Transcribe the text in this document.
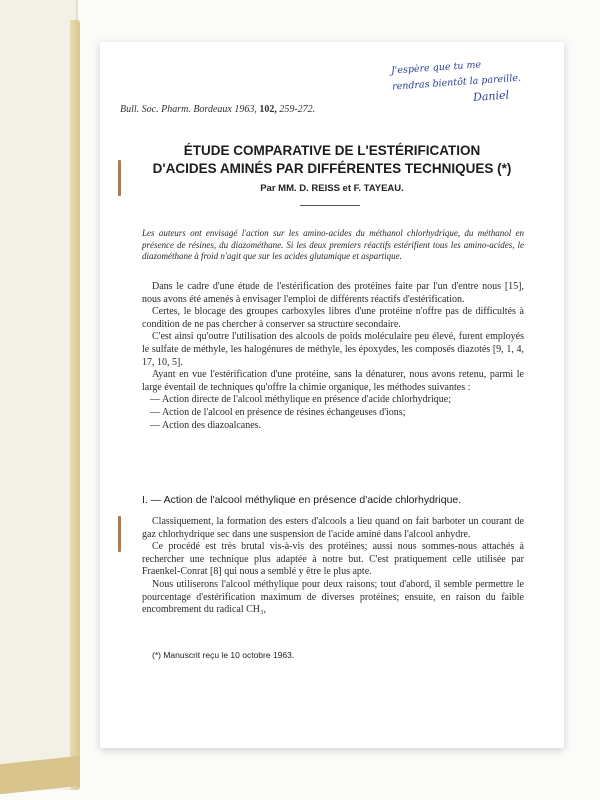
J'espère que tu me
rendras bientôt la pareille.
Daniel
Bull. Soc. Pharm. Bordeaux 1963, 102, 259-272.
ÉTUDE COMPARATIVE DE L'ESTÉRIFICATION
D'ACIDES AMINÉS PAR DIFFÉRENTES TECHNIQUES (*)
Par MM. D. REISS et F. TAYEAU.
Les auteurs ont envisagé l'action sur les amino-acides du méthanol chlorhydrique, du méthanol en présence de résines, du diazométhane. Si les deux premiers réactifs estérifient tous les amino-acides, le diazométhane à froid n'agit que sur les acides glutamique et aspartique.

Dans le cadre d'une étude de l'estérification des protéines faite par l'un d'entre nous [15], nous avons été amenés à envisager l'emploi de différents réactifs d'estérification.

Certes, le blocage des groupes carboxyles libres d'une protéine n'offre pas de difficultés à condition de ne pas chercher à conserver sa structure secondaire.

C'est ainsi qu'outre l'utilisation des alcools de poids moléculaire peu élevé, furent employés le sulfate de méthyle, les halogénures de méthyle, les époxydes, les composés diazotés [9, 1, 4, 17, 10, 5].

Ayant en vue l'estérification d'une protéine, sans la dénaturer, nous avons retenu, parmi le large éventail de techniques qu'offre la chimie organique, les méthodes suivantes :

— Action directe de l'alcool méthylique en présence d'acide chlorhydrique;
— Action de l'alcool en présence de résines échangeuses d'ions;
— Action des diazoalcanes.
I. — Action de l'alcool méthylique en présence d'acide chlorhydrique.

Classiquement, la formation des esters d'alcools a lieu quand on fait barboter un courant de gaz chlorhydrique sec dans une suspension de l'acide aminé dans l'alcool anhydre.

Ce procédé est très brutal vis-à-vis des protéines; aussi nous sommes-nous attachés à rechercher une technique plus adaptée à notre but. C'est pratiquement celle utilisée par Fraenkel-Conrat [8] qui nous a semblé y être le plus apte.

Nous utiliserons l'alcool méthylique pour deux raisons; tout d'abord, il semble permettre le pourcentage d'estérification maximum de diverses protéines; ensuite, en raison du faible encombrement du radical CH₃,

(*) Manuscrit reçu le 10 octobre 1963.
